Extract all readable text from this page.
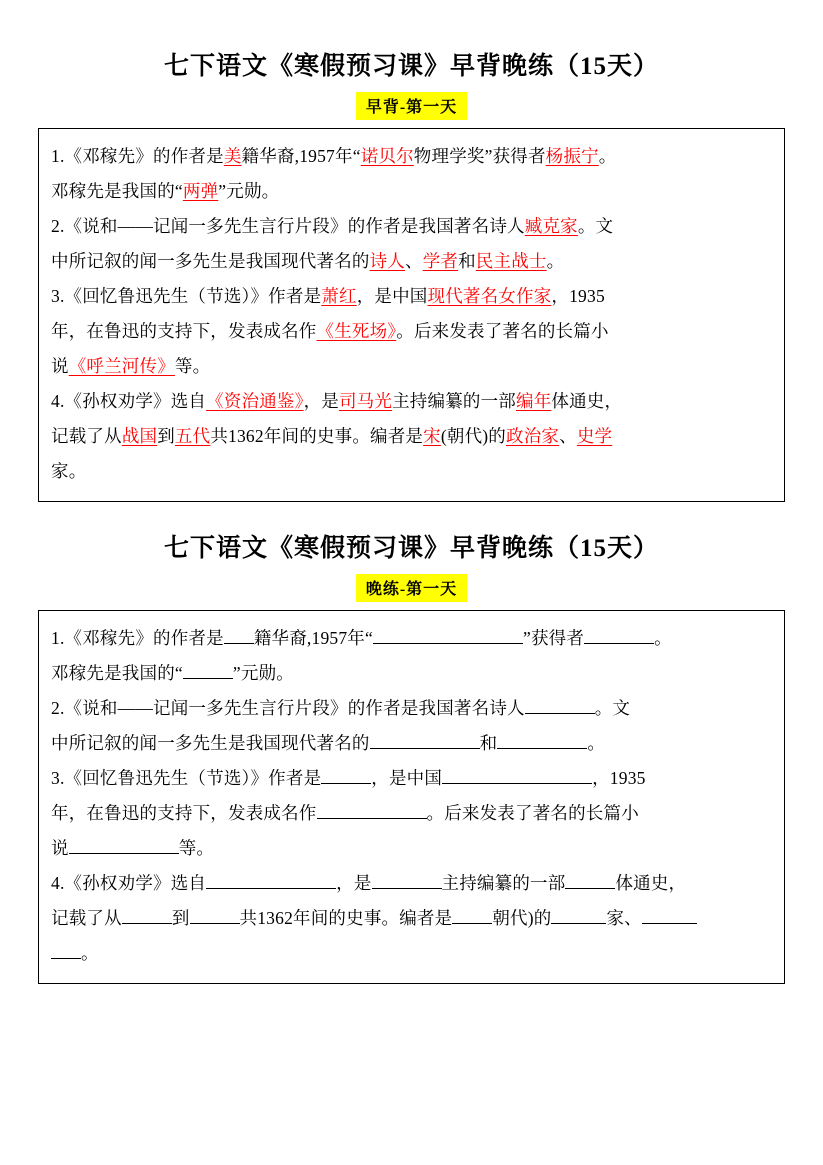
七下语文《寒假预习课》早背晚练（15天）
早背-第一天

1.《邓稼先》的作者是美籍华裔,1957年“诺贝尔物理学奖”获得者杨振宁。
邓稼先是我国的“两弹”元勋。

2.《说和——记闻一多先生言行片段》的作者是我国著名诗人臧克家。文
中所记叙的闻一多先生是我国现代著名的诗人、学者和民主战士。

3.《回忆鲁迅先生（节选）》作者是萧红，是中国现代著名女作家，1935
年，在鲁迅的支持下，发表成名作《生死场》。后来发表了著名的长篇小
说《呼兰河传》等。

4.《孙权劝学》选自《资治通鉴》，是司马光主持编纂的一部编年体通史，
记载了从战国到五代共1362年间的史事。编者是宋(朝代)的政治家、史学
家。

七下语文《寒假预习课》早背晚练（15天）
晚练-第一天

1.《邓稼先》的作者是 籍华裔,1957年“	”获得者	。
邓稼先是我国的“	”元勋。

2.《说和——记闻一多先生言行片段》的作者是我国著名诗人	。文
中所记叙的闻一多先生是我国现代著名的	和	。

3.《回忆鲁迅先生（节选）》作者是	，是中国	，1935
年，在鲁迅的支持下，发表成名作	。后来发表了著名的长篇小
说	等。

4.《孙权劝学》选自	，是	主持编纂的一部	体通史，
记载了从	到	共1362年间的史事。编者是 朝代)的	家、
。
